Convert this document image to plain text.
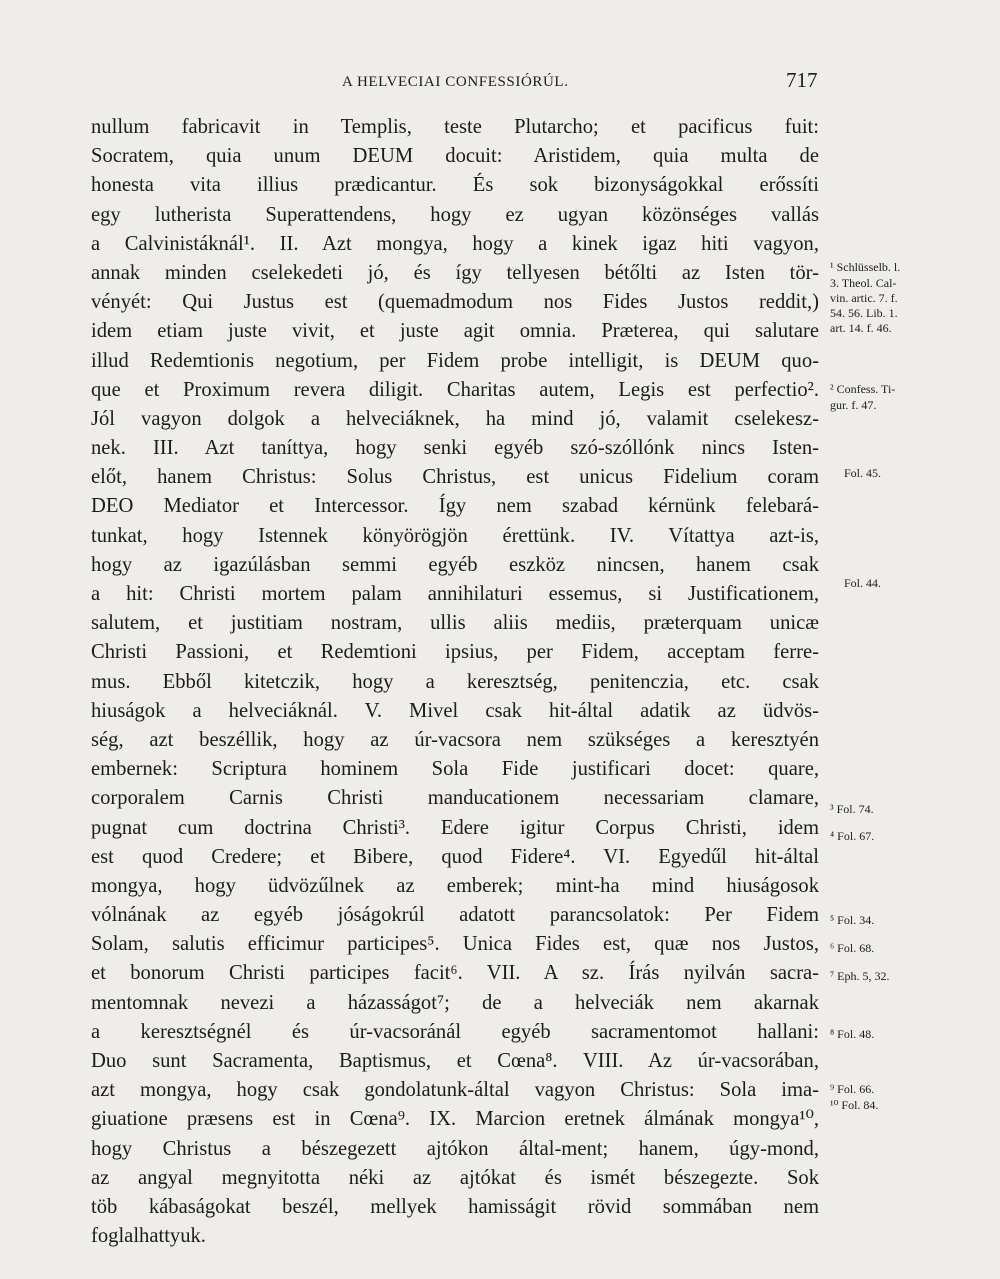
A HELVECIAI CONFESSIÓRÚL.	717
nullum fabricavit in Templis, teste Plutarcho; et pacificus fuit:
Socratem, quia unum DEUM docuit: Aristidem, quia multa de
honesta vita illius prædicantur. És sok bizonyságokkal erőssíti
egy lutherista Superattendens, hogy ez ugyan közönséges vallás
a Calvinistáknál¹. II. Azt mongya, hogy a kinek igaz hiti vagyon,
annak minden cselekedeti jó, és így tellyesen bétőlti az Isten tör-
vényét: Qui Justus est (quemadmodum nos Fides Justos reddit,)
idem etiam juste vivit, et juste agit omnia. Præterea, qui salutare
illud Redemtionis negotium, per Fidem probe intelligit, is DEUM quo-
que et Proximum revera diligit. Charitas autem, Legis est perfectio².
Jól vagyon dolgok a helveciáknek, ha mind jó, valamit cselekesz-
nek. III. Azt taníttya, hogy senki egyéb szó-szóllónk nincs Isten-
előt, hanem Christus: Solus Christus, est unicus Fidelium coram
DEO Mediator et Intercessor. Így nem szabad kérnünk felebará-
tunkat, hogy Istennek könyörögjön érettünk. IV. Vítattya azt-is,
hogy az igazúlásban semmi egyéb eszköz nincsen, hanem csak
a hit: Christi mortem palam annihilaturi essemus, si Justificationem,
salutem, et justitiam nostram, ullis aliis mediis, præterquam unicæ
Christi Passioni, et Redemtioni ipsius, per Fidem, acceptam ferre-
mus. Ebből kitetczik, hogy a keresztség, penitenczia, etc. csak
hiuságok a helveciáknál. V. Mivel csak hit-által adatik az üdvös-
ség, azt beszéllik, hogy az úr-vacsora nem szükséges a keresztyén
embernek: Scriptura hominem Sola Fide justificari docet: quare,
corporalem Carnis Christi manducationem necessariam clamare,
pugnat cum doctrina Christi³. Edere igitur Corpus Christi, idem
est quod Credere; et Bibere, quod Fidere⁴. VI. Egyedűl hit-által
mongya, hogy üdvözűlnek az emberek; mint-ha mind hiuságosok
vólnának az egyéb jóságokrúl adatott parancsolatok: Per Fidem
Solam, salutis efficimur participes⁵. Unica Fides est, quæ nos Justos,
et bonorum Christi participes facit⁶. VII. A sz. Írás nyilván sacra-
mentomnak nevezi a házasságot⁷; de a helveciák nem akarnak
a keresztségnél és úr-vacsoránál egyéb sacramentomot hallani:
Duo sunt Sacramenta, Baptismus, et Cœna⁸. VIII. Az úr-vacsorában,
azt mongya, hogy csak gondolatunk-által vagyon Christus: Sola ima-
giuatione præsens est in Cœna⁹. IX. Marcion eretnek álmának mongya¹⁰,
hogy Christus a bészegezett ajtókon által-ment; hanem, úgy-mond,
az angyal megnyitotta néki az ajtókat és ismét bészegezte. Sok
töb kábaságokat beszél, mellyek hamisságit rövid sommában nem
foglalhattyuk.
¹ Schlüsselb. l.
3. Theol. Cal-
vin. artic. 7. f.
54. 56. Lib. 1.
art. 14. f. 46.
² Confess. Ti-
gur. f. 47.
Fol. 45.
Fol. 44.
³ Fol. 74.
⁴ Fol. 67.
⁵ Fol. 34.
⁶ Fol. 68.
⁷ Eph. 5, 32.
⁸ Fol. 48.
⁹ Fol. 66.
¹⁰ Fol. 84.
